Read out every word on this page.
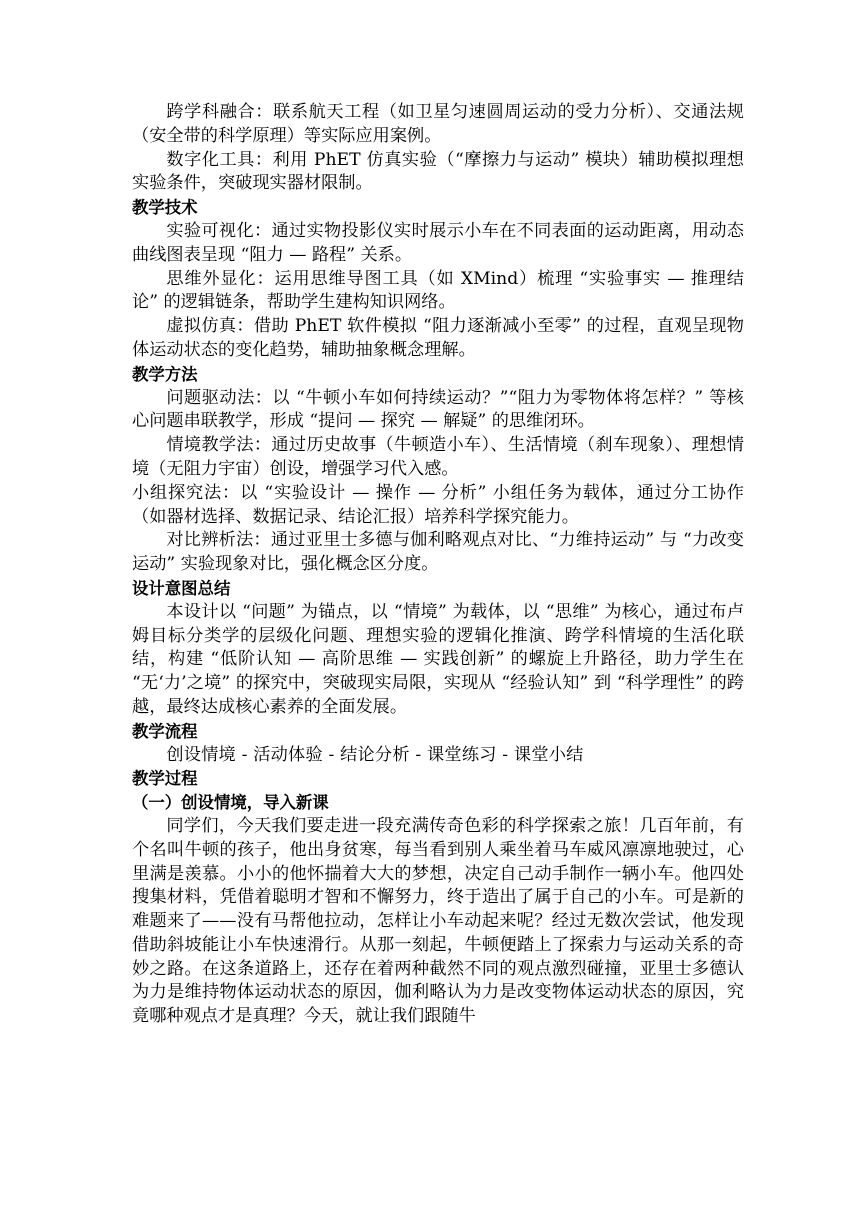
跨学科融合：联系航天工程（如卫星匀速圆周运动的受力分析）、交通法规（安全带的科学原理）等实际应用案例。

数字化工具：利用 PhET 仿真实验（“摩擦力与运动” 模块）辅助模拟理想实验条件，突破现实器材限制。

教学技术

实验可视化：通过实物投影仪实时展示小车在不同表面的运动距离，用动态曲线图表呈现 “阻力 — 路程” 关系。

思维外显化：运用思维导图工具（如 XMind）梳理 “实验事实 — 推理结论” 的逻辑链条，帮助学生建构知识网络。

虚拟仿真：借助 PhET 软件模拟 “阻力逐渐减小至零” 的过程，直观呈现物体运动状态的变化趋势，辅助抽象概念理解。

教学方法

问题驱动法：以 “牛顿小车如何持续运动？”“阻力为零物体将怎样？” 等核心问题串联教学，形成 “提问 — 探究 — 解疑” 的思维闭环。

情境教学法：通过历史故事（牛顿造小车）、生活情境（刹车现象）、理想情境（无阻力宇宙）创设，增强学习代入感。

小组探究法：以 “实验设计 — 操作 — 分析” 小组任务为载体，通过分工协作（如器材选择、数据记录、结论汇报）培养科学探究能力。

对比辨析法：通过亚里士多德与伽利略观点对比、“力维持运动” 与 “力改变运动” 实验现象对比，强化概念区分度。

设计意图总结

本设计以 “问题” 为锚点，以 “情境” 为载体，以 “思维” 为核心，通过布卢姆目标分类学的层级化问题、理想实验的逻辑化推演、跨学科情境的生活化联结，构建 “低阶认知 — 高阶思维 — 实践创新” 的螺旋上升路径，助力学生在 “无‘力’之境” 的探究中，突破现实局限，实现从 “经验认知” 到 “科学理性” 的跨越，最终达成核心素养的全面发展。

教学流程

创设情境 - 活动体验 - 结论分析 - 课堂练习 - 课堂小结

教学过程
（一）创设情境，导入新课

同学们，今天我们要走进一段充满传奇色彩的科学探索之旅！几百年前，有个名叫牛顿的孩子，他出身贫寒，每当看到别人乘坐着马车威风凛凛地驶过，心里满是羡慕。小小的他怀揣着大大的梦想，决定自己动手制作一辆小车。他四处搜集材料，凭借着聪明才智和不懈努力，终于造出了属于自己的小车。可是新的难题来了——没有马帮他拉动，怎样让小车动起来呢？经过无数次尝试，他发现借助斜坡能让小车快速滑行。从那一刻起，牛顿便踏上了探索力与运动关系的奇妙之路。在这条道路上，还存在着两种截然不同的观点激烈碰撞，亚里士多德认为力是维持物体运动状态的原因，伽利略认为力是改变物体运动状态的原因，究竟哪种观点才是真理？今天，就让我们跟随牛
